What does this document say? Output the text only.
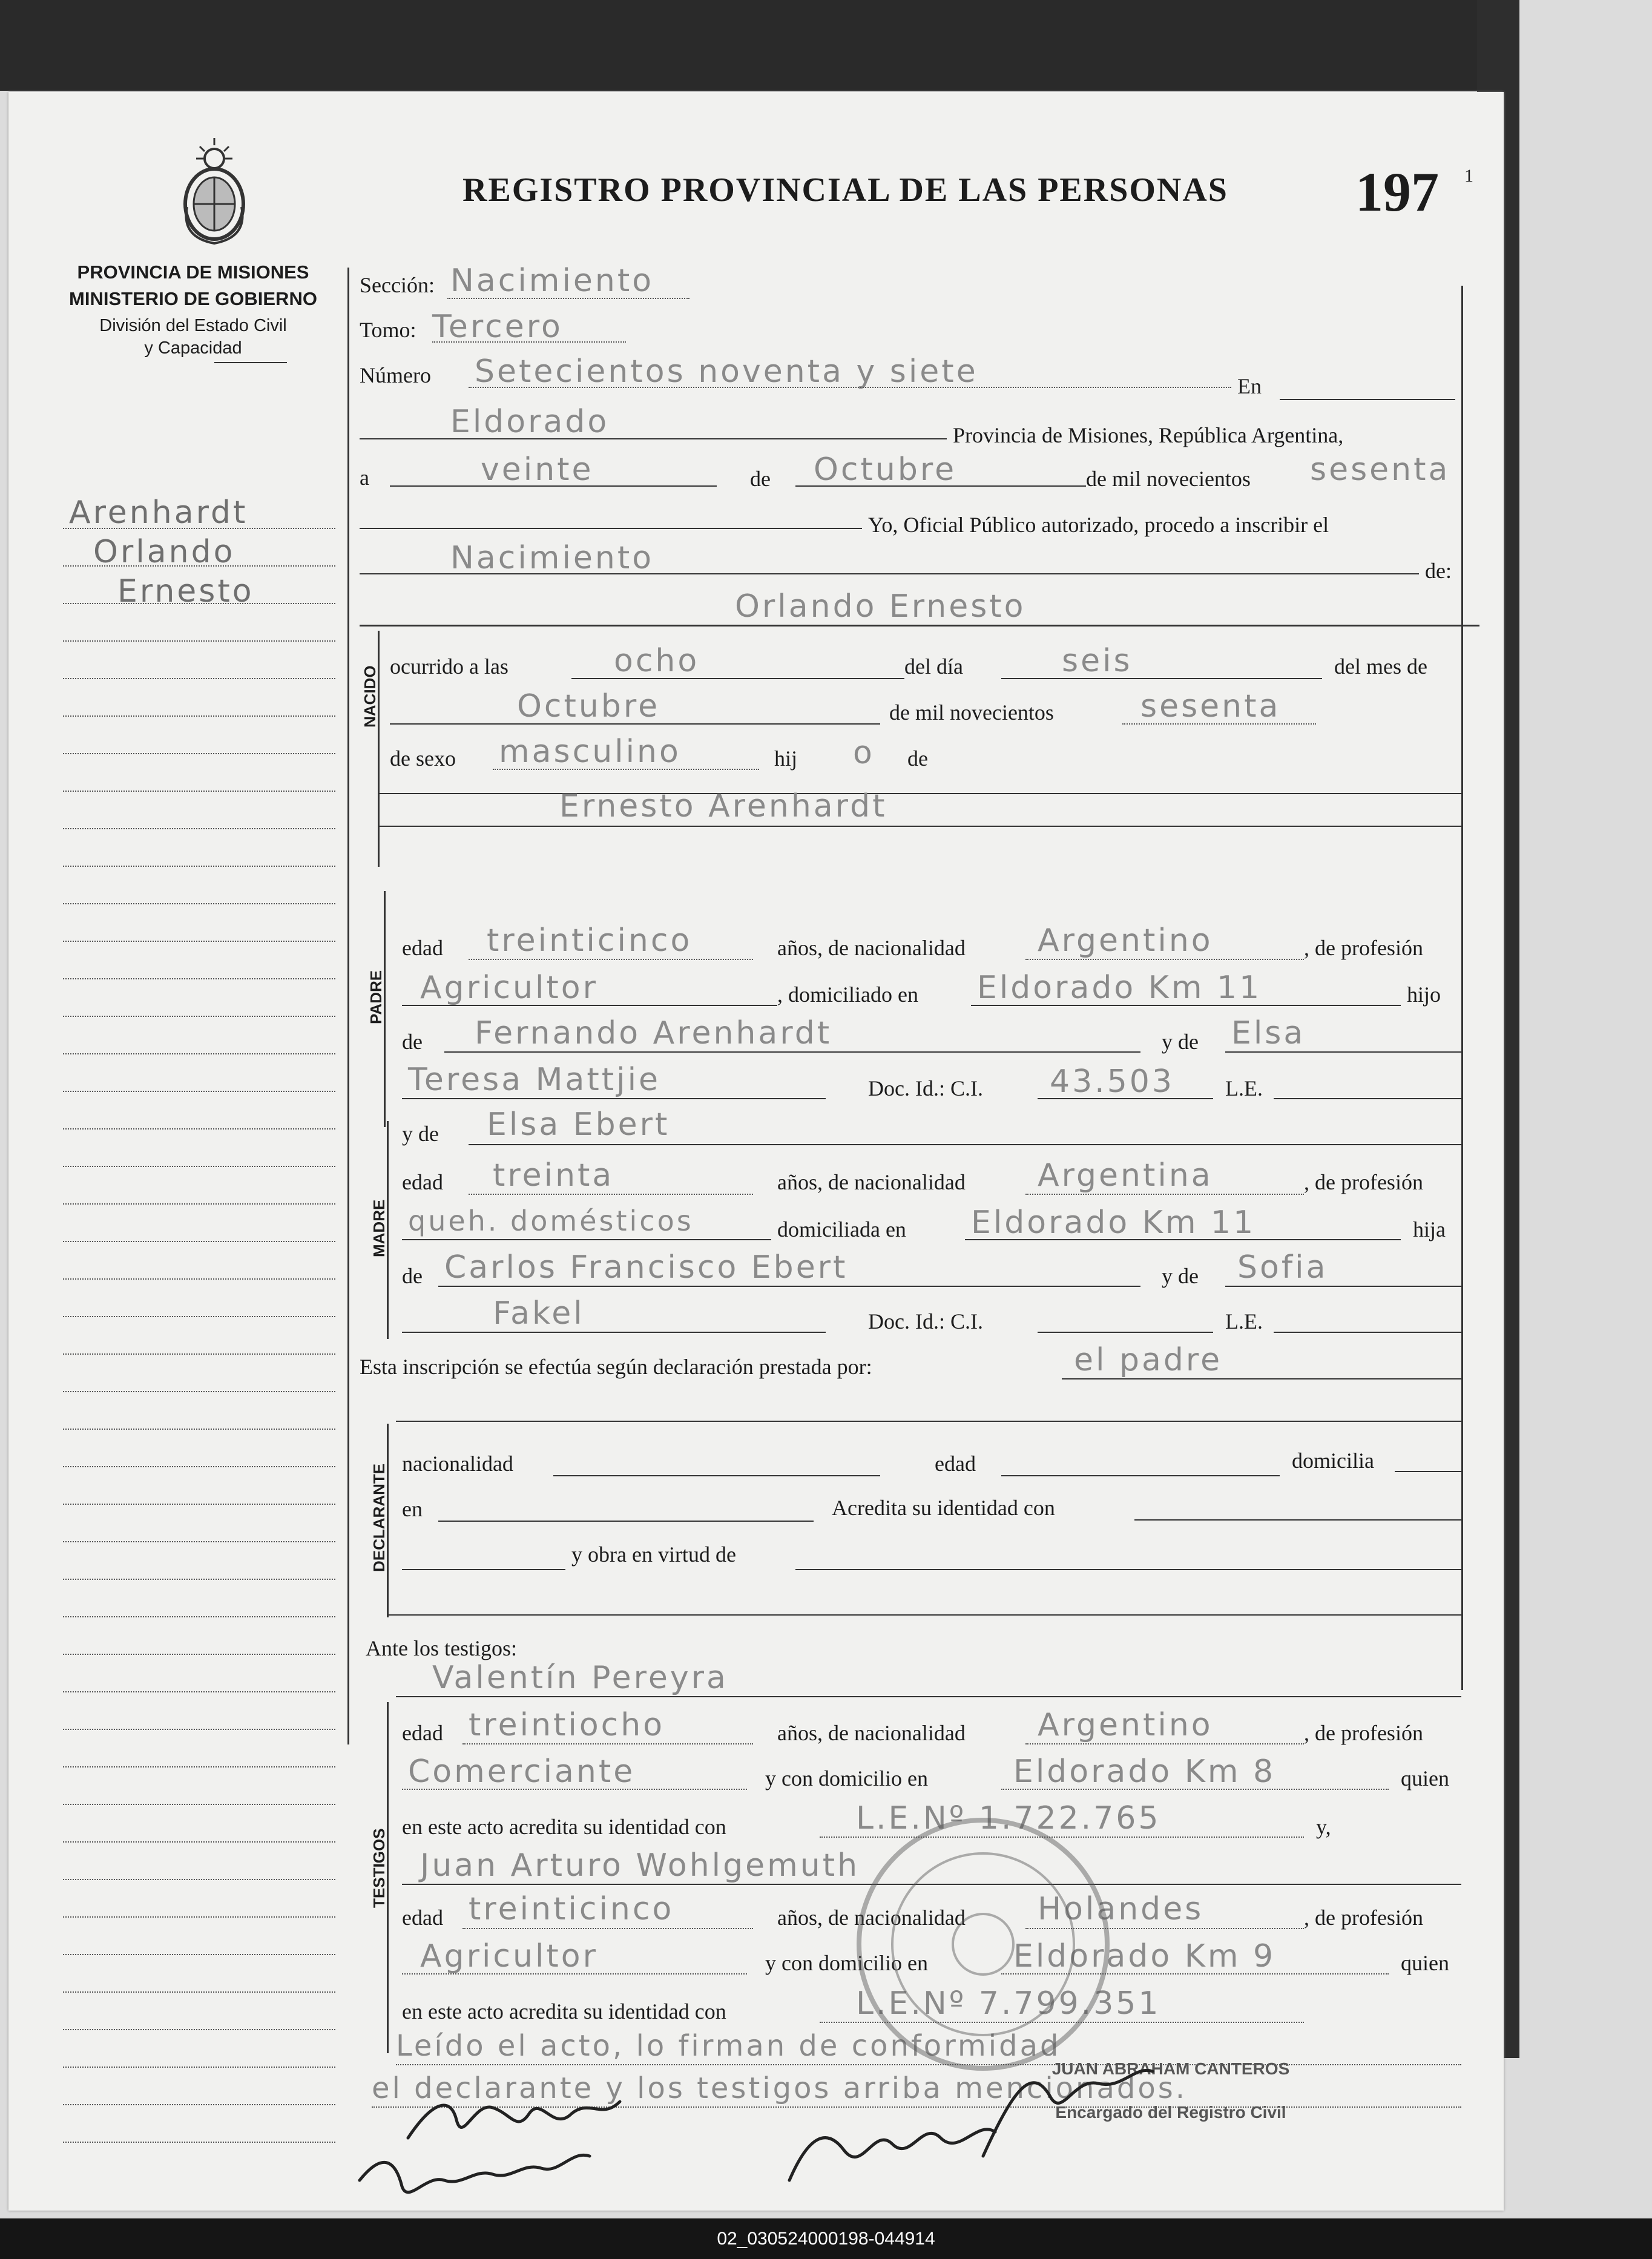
PROVINCIA DE MISIONES
MINISTERIO DE GOBIERNO
División del Estado Civil
y Capacidad
REGISTRO PROVINCIAL DE LAS PERSONAS 197 1
Arenhardt
Orlando
Ernesto
Sección: Nacimiento
Tomo: Tercero
Número Setecientos noventa y siete	En
Eldorado	Provincia de Misiones, República Argentina,
a	veinte	de Octubre	de mil novecientos sesenta
Yo, Oficial Público autorizado, procedo a inscribir el
Nacimiento	de:
Orlando Ernesto
NACIDO ocurrido a las	ocho	del día	seis	del mes de
Octubre	de mil novecientos	sesenta
de sexo masculino	hij o de
Ernesto Arenhardt
PADRE
edad treinticinco	años, de nacionalidad Argentino	, de profesión
Agricultor	, domiciliado en Eldorado Km 11	hijo
de Fernando Arenhardt	y de Elsa
Teresa Mattjie	Doc. Id.: C.I. 43.503 L.E.
MADRE
y de Elsa Ebert
edad treinta	años, de nacionalidad Argentina	, de profesión
queh. domésticos	domiciliada en Eldorado Km 11	hija
de Carlos Francisco Ebert	y de Sofia
Fakel	Doc. Id.: C.I.	L.E.
Esta inscripción se efectúa según declaración prestada por:	el padre
DECLARANTE nacionalidad	edad	domicilia
en	Acredita su identidad con
y obra en virtud de
Ante los testigos:
Valentín Pereyra
TESTIGOS
edad treintiocho	años, de nacionalidad Argentino	, de profesión
Comerciante	y con domicilio en	Eldorado Km 8	quien
en este acto acredita su identidad con	L.E.Nº 1.722.765	y,
Juan Arturo Wohlgemuth
edad treinticinco	años, de nacionalidad Holandes	, de profesión
Agricultor	y con domicilio en	Eldorado Km 9	quien
en este acto acredita su identidad con	L.E.Nº 7.799.351
Leído el acto, lo firman de conformidad
el declarante y los testigos arriba mencionados.
JUAN ABRAHAM CANTEROS
Encargado del Registro Civil
02_030524000198-044914
